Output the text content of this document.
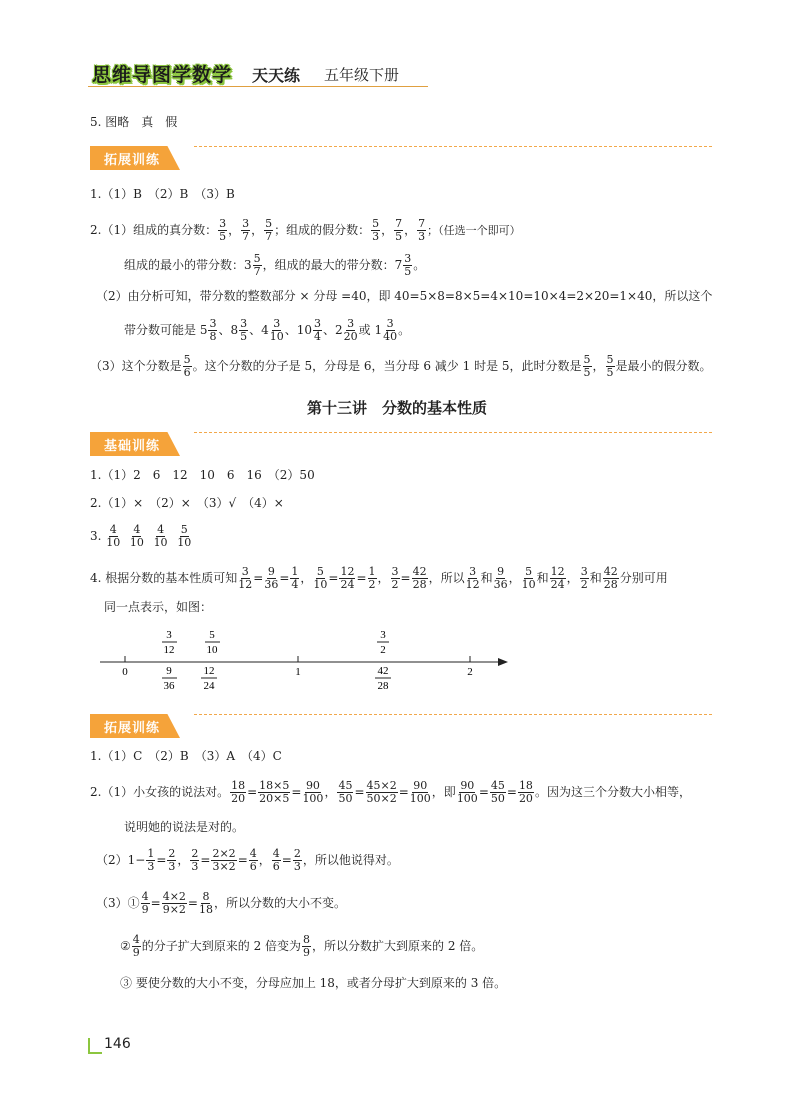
思维导图学数学 天天练 五年级下册
5. 图略　真　假
拓展训练
1.（1）B　（2）B　（3）B
2.（1）组成的真分数： $\frac{3}{5}$ ， $\frac{3}{7}$ ， $\frac{5}{7}$ ；组成的假分数： $\frac{5}{3}$ ， $\frac{7}{5}$ ， $\frac{7}{3}$ ；（任选一个即可）
组成的最小的带分数：$3 \frac{5}{7}$ ，组成的最大的带分数：$7 \frac{3}{5}$ 。
（2）由分析可知，带分数的整数部分 × 分母 =40，即 40=5×8=8×5=4×10=10×4=2×20=1×40，所以这个
带分数可能是 $5 \frac{3}{8}$ 、$8 \frac{3}{5}$ 、$4 \frac{3}{10}$ 、$10 \frac{3}{4}$ 、$2 \frac{3}{20}$ 或 $1 \frac{3}{40}$ 。
（3）这个分数是 $\frac{5}{6}$ 。这个分数的分子是 5，分母是 6，当分母 6 减少 1 时是 5，此时分数是 $\frac{5}{5}$ ， $\frac{5}{5}$ 是最小的假分数。
第十三讲　分数的基本性质
基础训练
1.（1）2　6　12　10　6　16　（2）50
2.（1）×　（2）×　（3）√　（4）×
3. $\frac{4}{10}$
$\frac{4}{10}$
$\frac{4}{10}$
$\frac{5}{10}$
4. 根据分数的基本性质可知 $\frac{3}{12} = \frac{9}{36} = \frac{1}{4}$ ， $\frac{5}{10} = \frac{12}{24} = \frac{1}{2}$ ， $\frac{3}{2} = \frac{42}{28}$ ，所以 $\frac{3}{12}$ 和 $\frac{9}{36}$ ， $\frac{5}{10}$ 和 $\frac{12}{24}$ ， $\frac{3}{2}$ 和 $\frac{42}{28}$ 分别可用
同一点表示，如图：
0	1	2
3
12
5
10
3
2
9
36
12
24
42
28
拓展训练
1.（1）C　（2）B　（3）A　（4）C
2.（1）小女孩的说法对。 $\frac{18}{20} = \frac{18\times 5}{20\times 5} = \frac{90}{100}$ ， $\frac{45}{50} = \frac{45\times 2}{50\times 2} = \frac{90}{100}$ ，即 $\frac{90}{100} = \frac{45}{50} = \frac{18}{20}$ 。因为这三个分数大小相等，
说明她的说法是对的。
$(2)1- \frac{1}{3} = \frac{2}{3}$ ， $\frac{2}{3} = \frac{2\times 2}{3\times 2} = \frac{4}{6}$ ， $\frac{4}{6} = \frac{2}{3}$ ，所以他说得对。
（3）① $\frac{4}{9} = \frac{4\times 2}{9\times 2} = \frac{8}{18}$ ，所以分数的大小不变。
② $\frac{4}{9}$ 的分子扩大到原来的 2 倍变为 $\frac{8}{9}$ ，所以分数扩大到原来的 2 倍。
③ 要使分数的大小不变，分母应加上 18，或者分母扩大到原来的 3 倍。
146
